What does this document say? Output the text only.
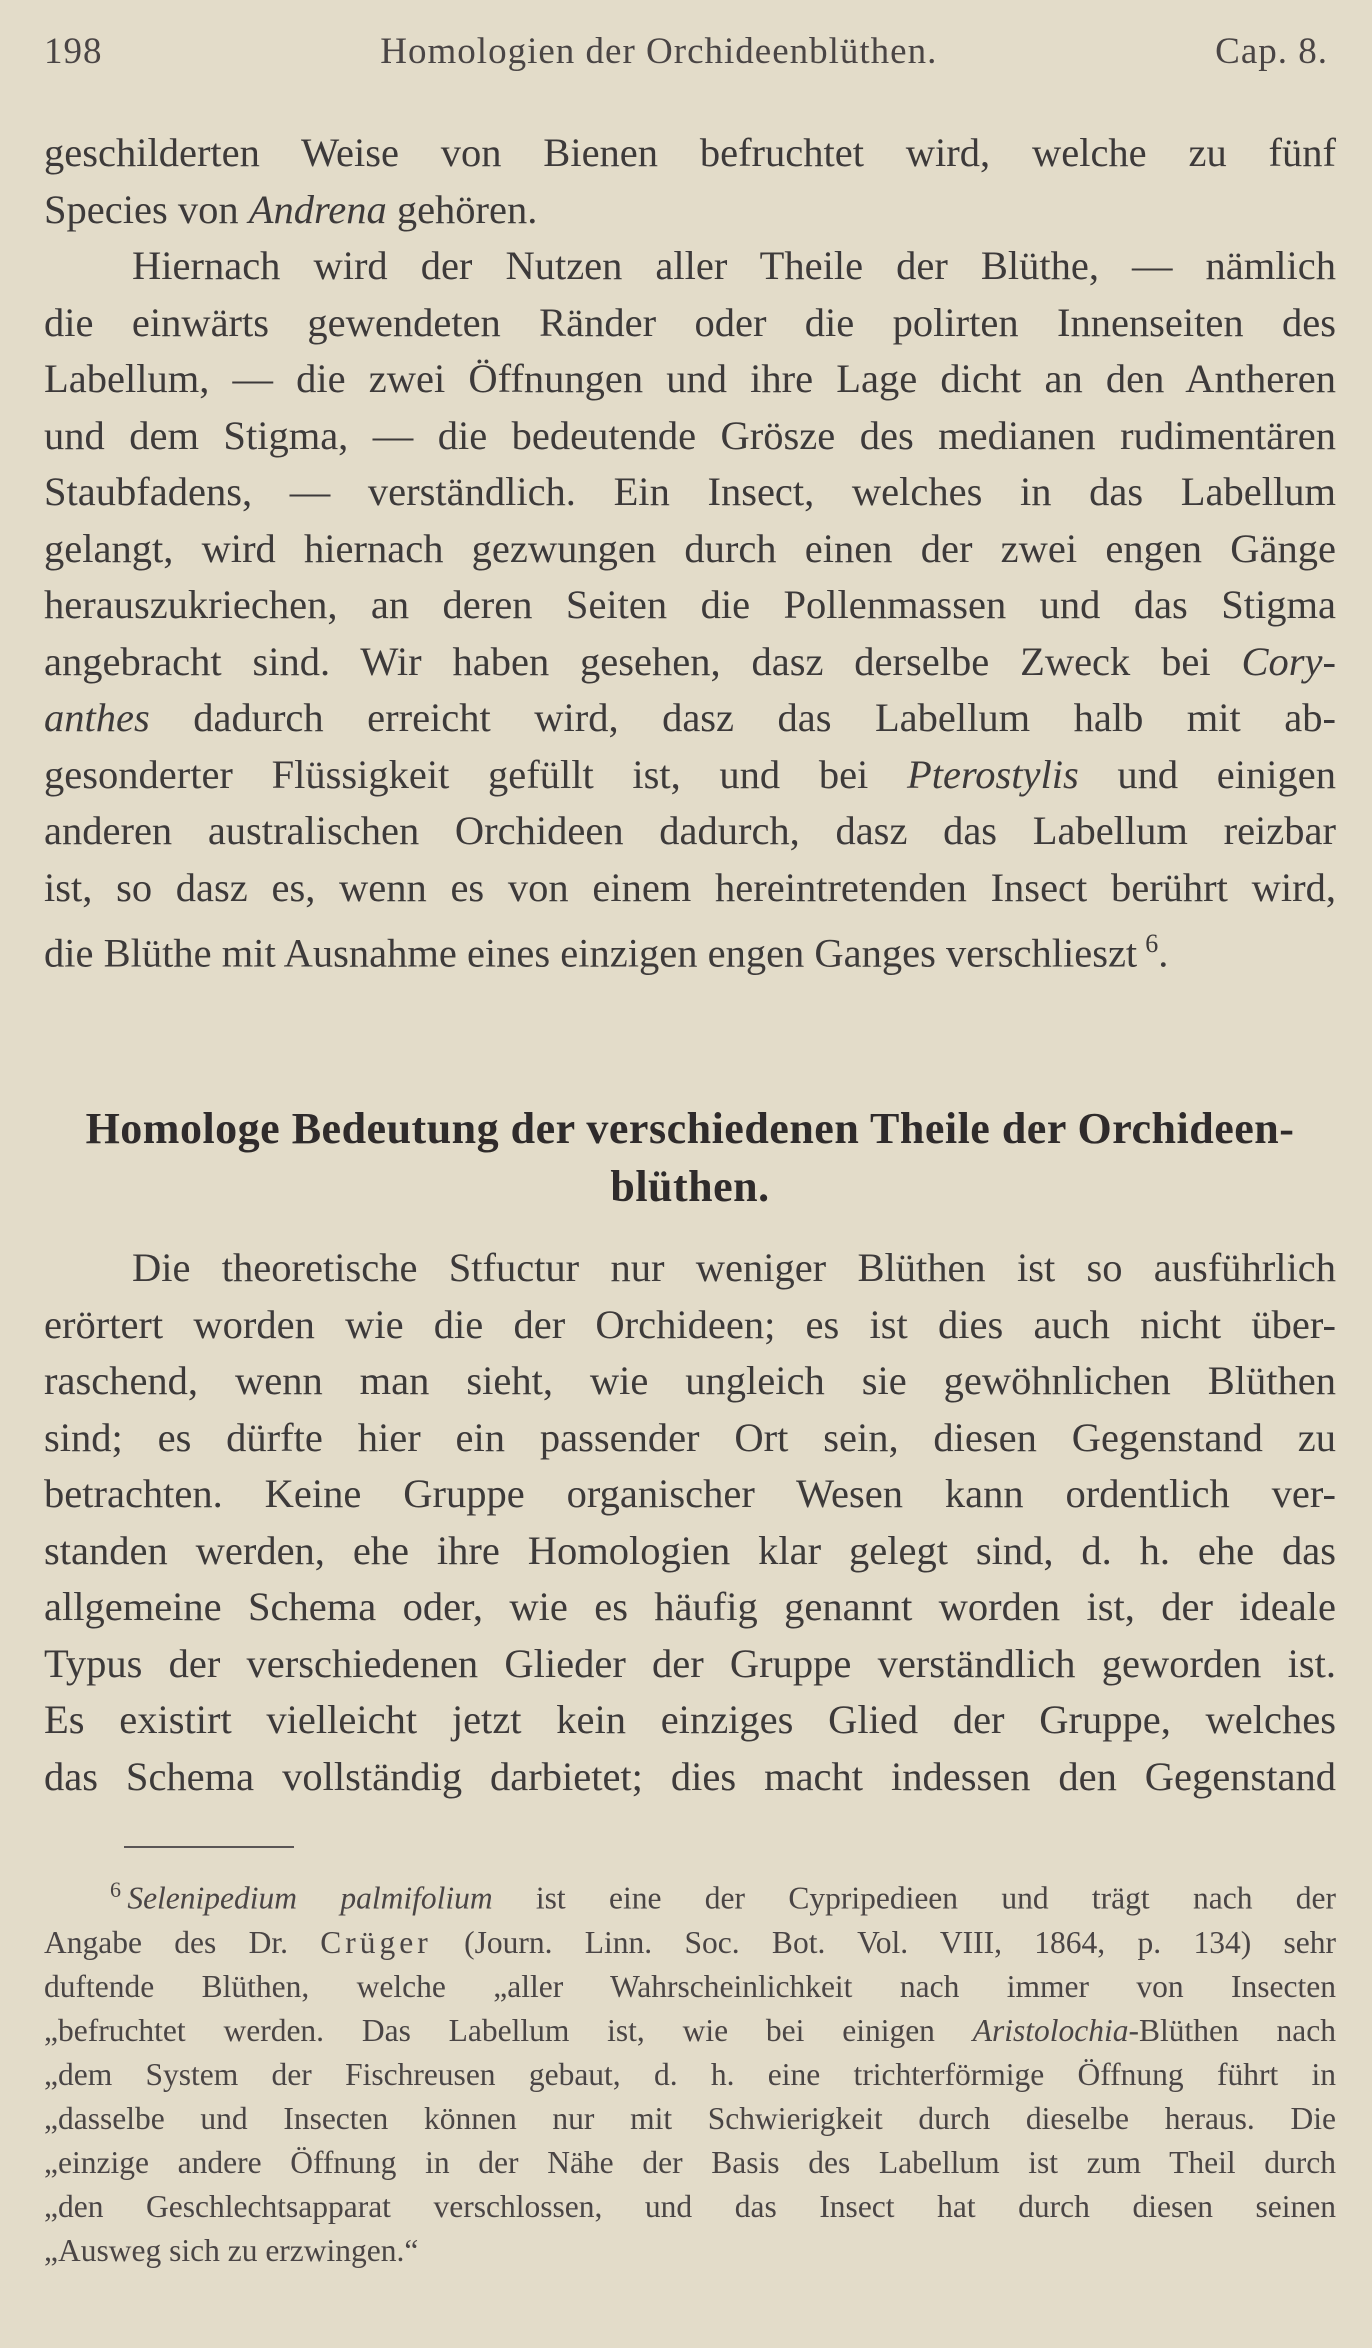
198	Homologien der Orchideenblüthen.	Cap. 8.

geschilderten Weise von Bienen befruchtet wird, welche zu fünf
Species von Andrena gehören.

Hiernach wird der Nutzen aller Theile der Blüthe, — nämlich
die einwärts gewendeten Ränder oder die polirten Innenseiten des
Labellum, — die zwei Öffnungen und ihre Lage dicht an den Antheren
und dem Stigma, — die bedeutende Grösze des medianen rudimentären
Staubfadens, — verständlich. Ein Insect, welches in das Labellum
gelangt, wird hiernach gezwungen durch einen der zwei engen Gänge
herauszukriechen, an deren Seiten die Pollenmassen und das Stigma
angebracht sind. Wir haben gesehen, dasz derselbe Zweck bei Cory-
anthes dadurch erreicht wird, dasz das Labellum halb mit ab-
gesonderter Flüssigkeit gefüllt ist, und bei Pterostylis und einigen
anderen australischen Orchideen dadurch, dasz das Labellum reizbar
ist, so dasz es, wenn es von einem hereintretenden Insect berührt wird,
die Blüthe mit Ausnahme eines einzigen engen Ganges verschlieszt  $^6$.

Homologe Bedeutung der verschiedenen Theile der Orchideen-
blüthen.

Die theoretische Stfuctur nur weniger Blüthen ist so ausführlich
erörtert worden wie die der Orchideen; es ist dies auch nicht über-
raschend, wenn man sieht, wie ungleich sie gewöhnlichen Blüthen
sind; es dürfte hier ein passender Ort sein, diesen Gegenstand zu
betrachten. Keine Gruppe organischer Wesen kann ordentlich ver-
standen werden, ehe ihre Homologien klar gelegt sind, d. h. ehe das
allgemeine Schema oder, wie es häufig genannt worden ist, der ideale
Typus der verschiedenen Glieder der Gruppe verständlich geworden ist.
Es existirt vielleicht jetzt kein einziges Glied der Gruppe, welches
das Schema vollständig darbietet; dies macht indessen den Gegenstand

$^6$  Selenipedium palmifolium ist eine der Cypripedieen und trägt nach der
Angabe des Dr. Crüger (Journ. Linn. Soc. Bot. Vol. VIII, 1864, p. 134) sehr
duftende Blüthen, welche „aller Wahrscheinlichkeit nach immer von Insecten
„befruchtet werden. Das Labellum ist, wie bei einigen Aristolochia-Blüthen nach
„dem System der Fischreusen gebaut, d. h. eine trichterförmige Öffnung führt in
„dasselbe und Insecten können nur mit Schwierigkeit durch dieselbe heraus. Die
„einzige andere Öffnung in der Nähe der Basis des Labellum ist zum Theil durch
„den Geschlechtsapparat verschlossen, und das Insect hat durch diesen seinen
„Ausweg sich zu erzwingen.“
